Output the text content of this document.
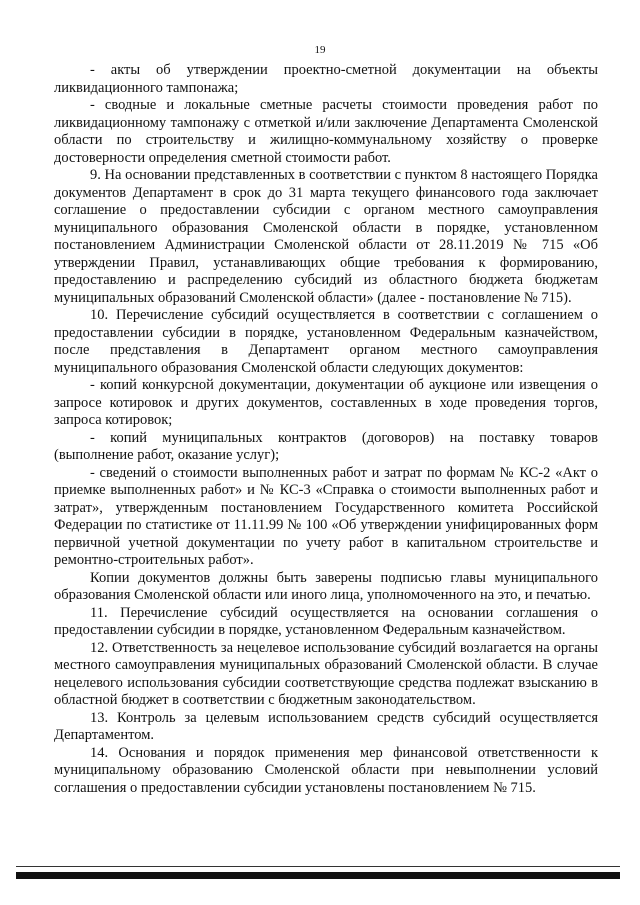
19

- акты об утверждении проектно-сметной документации на объекты ликвидационного тампонажа;

- сводные и локальные сметные расчеты стоимости проведения работ по ликвидационному тампонажу с отметкой и/или заключение Департамента Смоленской области по строительству и жилищно-коммунальному хозяйству о проверке достоверности определения сметной стоимости работ.

9. На основании представленных в соответствии с пунктом 8 настоящего Порядка документов Департамент в срок до 31 марта текущего финансового года заключает соглашение о предоставлении субсидии с органом местного самоуправления муниципального образования Смоленской области в порядке, установленном постановлением Администрации Смоленской области от 28.11.2019 № 715 «Об утверждении Правил, устанавливающих общие требования к формированию, предоставлению и распределению субсидий из областного бюджета бюджетам муниципальных образований Смоленской области» (далее - постановление № 715).

10. Перечисление субсидий осуществляется в соответствии с соглашением о предоставлении субсидии в порядке, установленном Федеральным казначейством, после представления в Департамент органом местного самоуправления муниципального образования Смоленской области следующих документов:

- копий конкурсной документации, документации об аукционе или извещения о запросе котировок и других документов, составленных в ходе проведения торгов, запроса котировок;

- копий муниципальных контрактов (договоров) на поставку товаров (выполнение работ, оказание услуг);

- сведений о стоимости выполненных работ и затрат по формам № КС-2 «Акт о приемке выполненных работ» и № КС-3 «Справка о стоимости выполненных работ и затрат», утвержденным постановлением Государственного комитета Российской Федерации по статистике от 11.11.99 № 100 «Об утверждении унифицированных форм первичной учетной документации по учету работ в капитальном строительстве и ремонтно-строительных работ».

Копии документов должны быть заверены подписью главы муниципального образования Смоленской области или иного лица, уполномоченного на это, и печатью.

11. Перечисление субсидий осуществляется на основании соглашения о предоставлении субсидии в порядке, установленном Федеральным казначейством.

12. Ответственность за нецелевое использование субсидий возлагается на органы местного самоуправления муниципальных образований Смоленской области. В случае нецелевого использования субсидии соответствующие средства подлежат взысканию в областной бюджет в соответствии с бюджетным законодательством.

13. Контроль за целевым использованием средств субсидий осуществляется Департаментом.

14. Основания и порядок применения мер финансовой ответственности к муниципальному образованию Смоленской области при невыполнении условий соглашения о предоставлении субсидии установлены постановлением № 715.
